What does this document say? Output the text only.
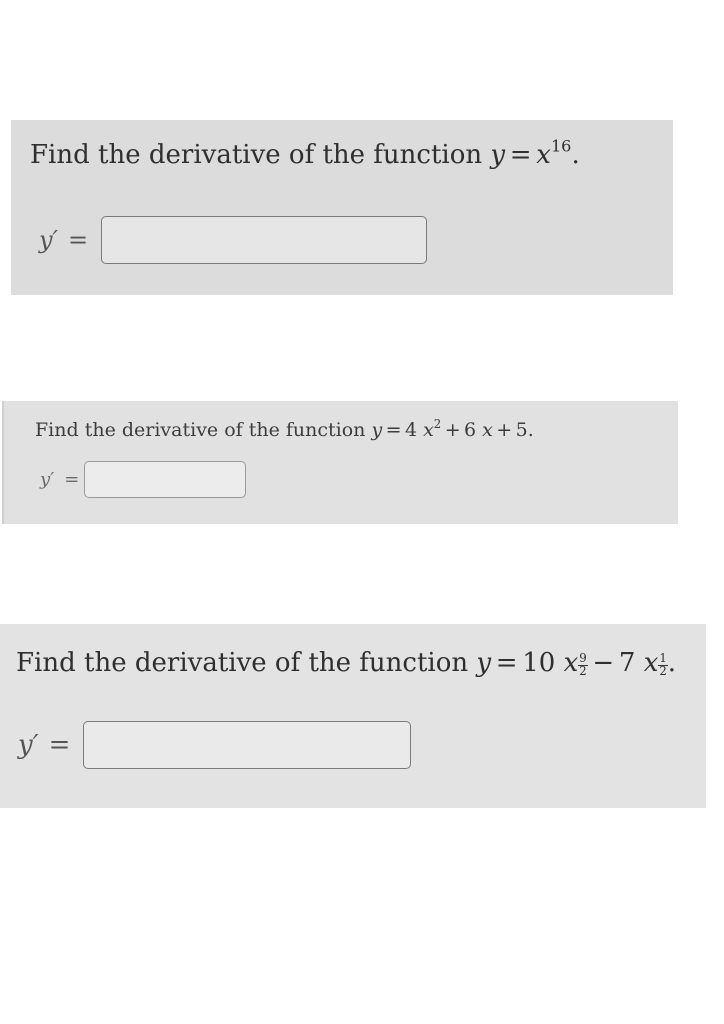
Find the derivative of the function $y = x^{16}$.
y′ =
Find the derivative of the function y = 4 $x^2 + 6$ x + 5.
y′ =
Find the derivative of the function y = 10 x $\frac{9}{2} - 7$ x $\frac{1}{2}$ .
y′ =
